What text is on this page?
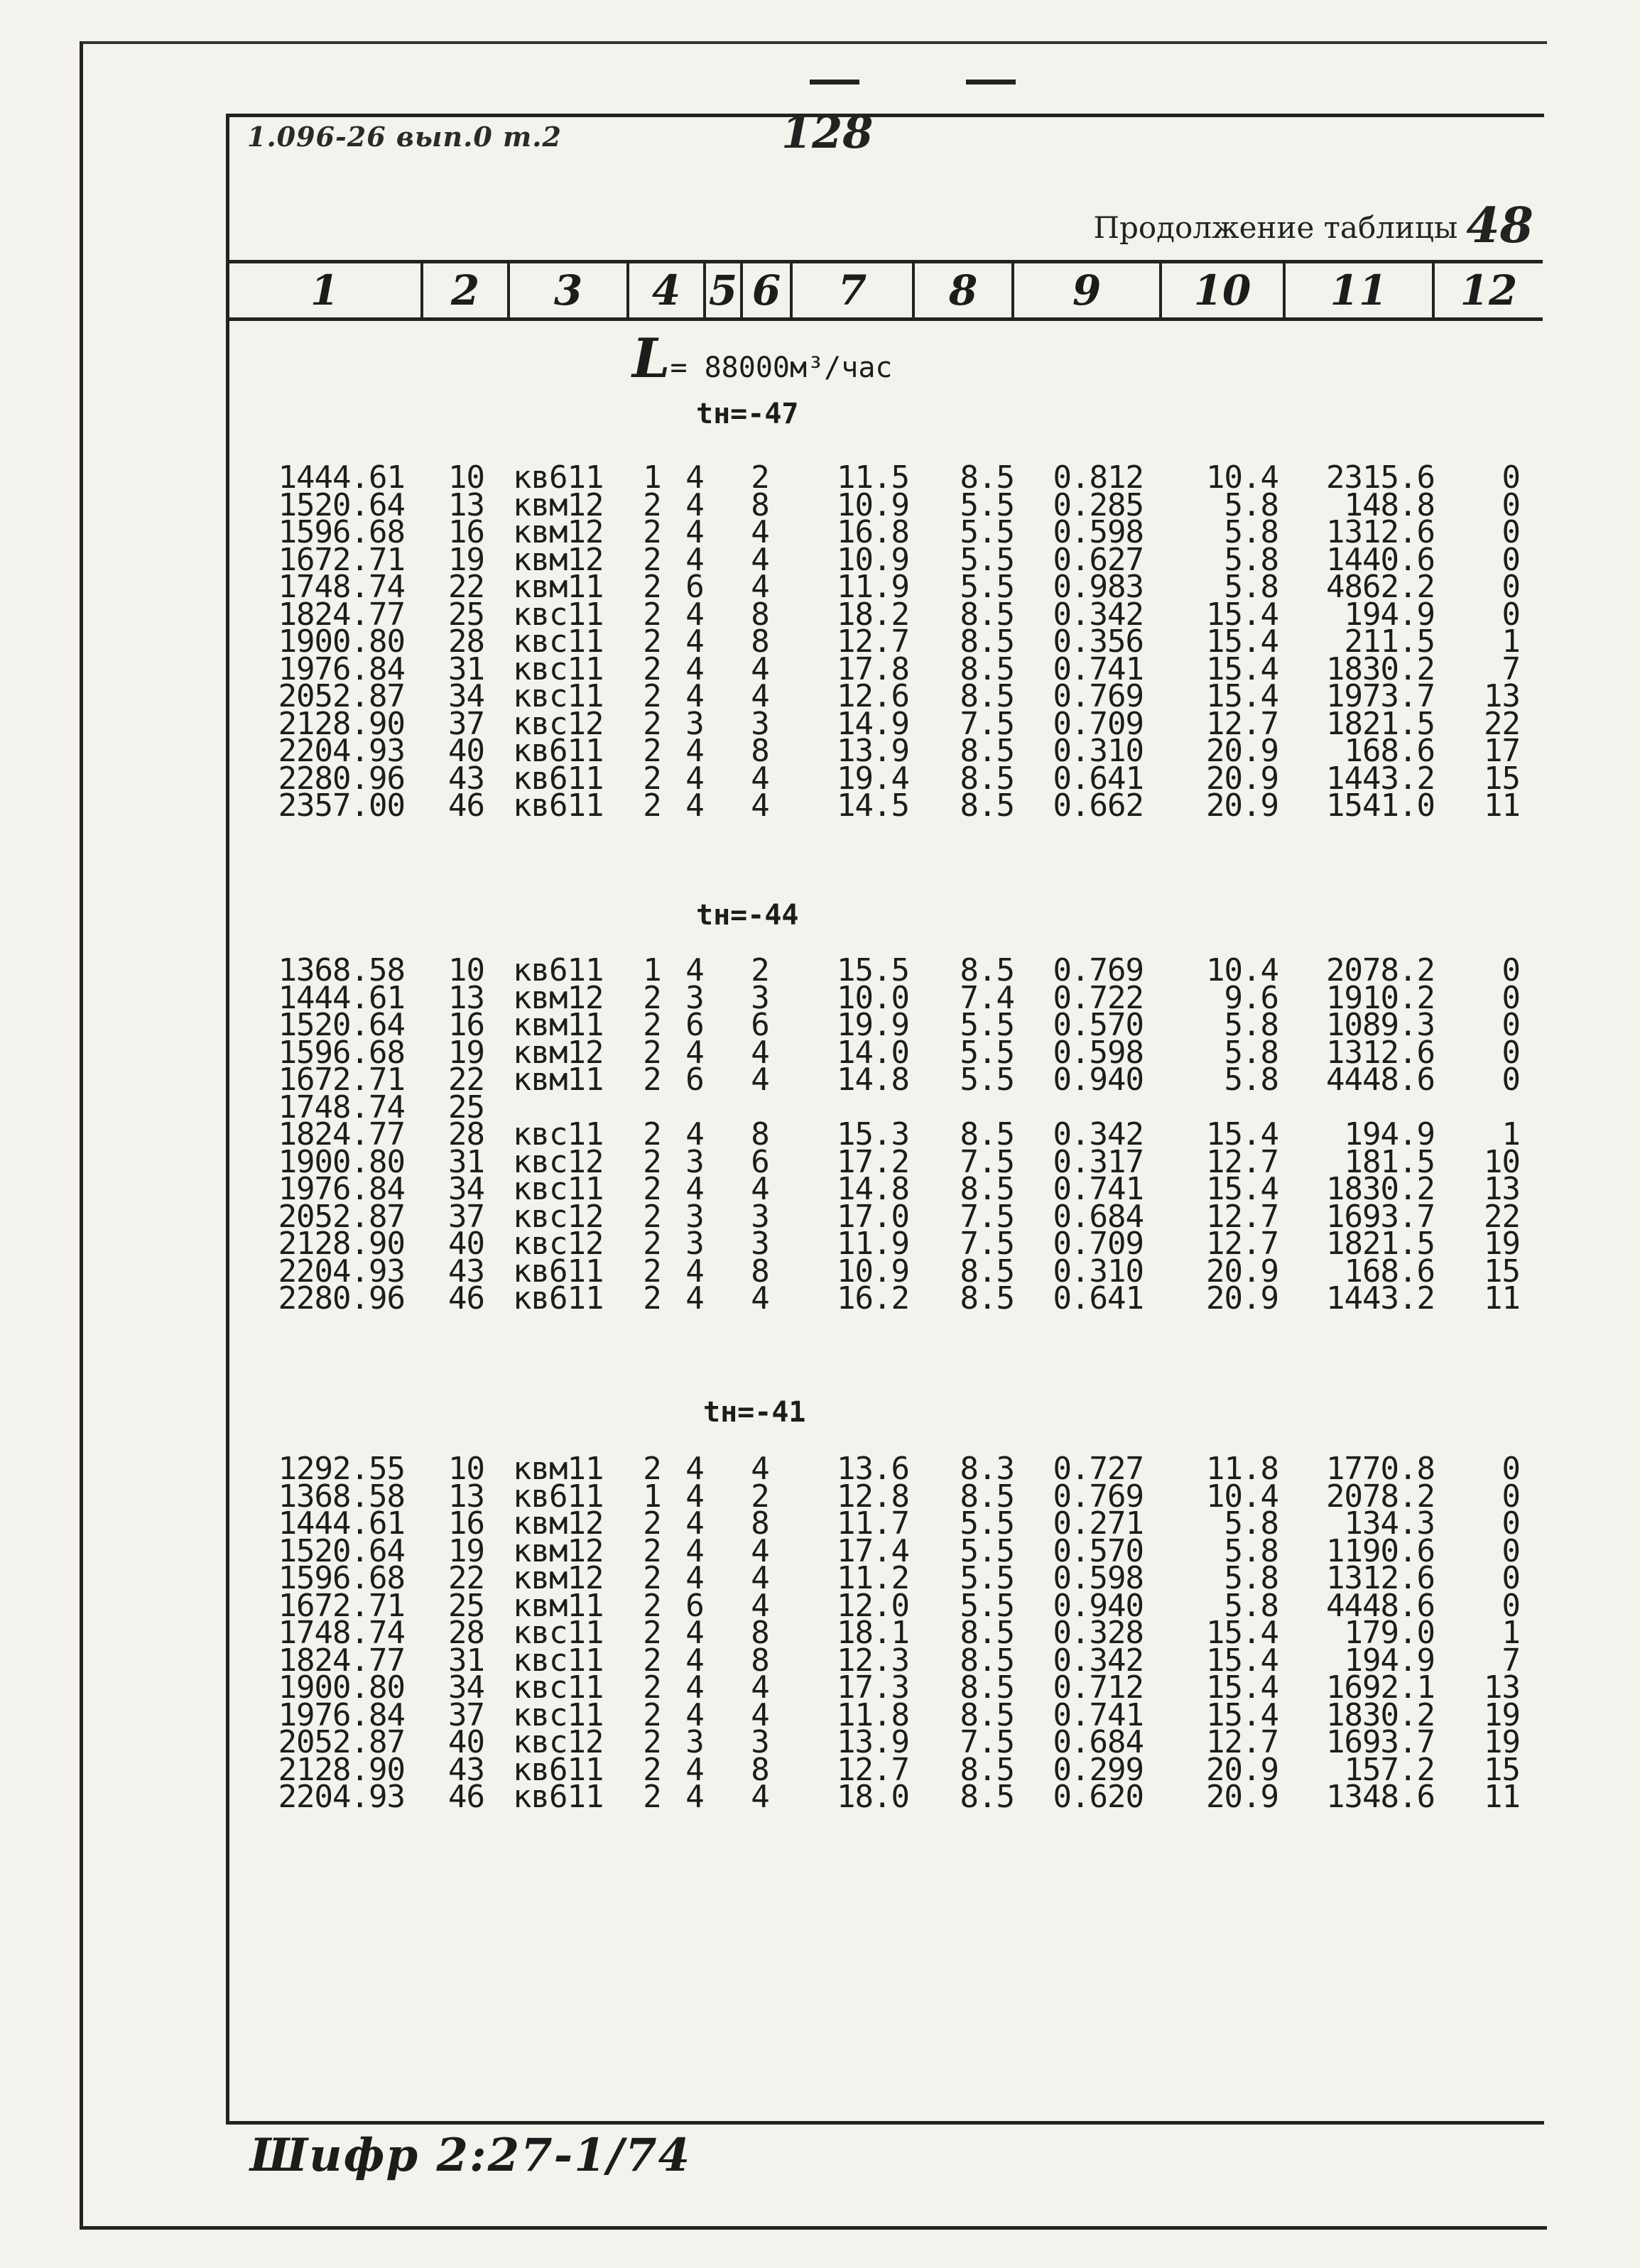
1.096-26 вып.0 т.2	128
Продолжение таблицы 48
1	2	3	4 5 6	7	8	9	10	11	12
L= 88000м³/час
tн=-47
1444.61	10 кв611	1 4 2	11.5	8.5	0.812	10.4	2315.6	0
1520.64	13 квм12	2 4 8	10.9	5.5	0.285	5.8	148.8	0
1596.68	16 квм12	2 4 4	16.8	5.5	0.598	5.8	1312.6	0
1672.71	19 квм12	2 4 4	10.9	5.5	0.627	5.8	1440.6	0
1748.74	22 квм11	2 6 4	11.9	5.5	0.983	5.8	4862.2	0
1824.77	25 квс11	2 4 8	18.2	8.5	0.342	15.4	194.9	0
1900.80	28 квс11	2 4 8	12.7	8.5	0.356	15.4	211.5	1
1976.84	31 квс11	2 4 4	17.8	8.5	0.741	15.4	1830.2	7
2052.87	34 квс11	2 4 4	12.6	8.5	0.769	15.4	1973.7 13
2128.90	37 квс12	2 3 3	14.9	7.5	0.709	12.7	1821.5 22
2204.93	40 кв611	2 4 8	13.9	8.5	0.310	20.9	168.6 17
2280.96	43 кв611	2 4 4	19.4	8.5	0.641	20.9	1443.2 15
2357.00	46 кв611	2 4 4	14.5	8.5	0.662	20.9	1541.0 11
tн=-44
1368.58	10 кв611	1 4 2	15.5	8.5	0.769	10.4	2078.2	0
1444.61	13 квм12	2 3 3	10.0	7.4	0.722	9.6	1910.2	0
1520.64	16 квм11	2 6 6	19.9	5.5	0.570	5.8	1089.3	0
1596.68	19 квм12	2 4 4	14.0	5.5	0.598	5.8	1312.6	0
1672.71	22 квм11	2 6 4	14.8	5.5	0.940	5.8	4448.6	0
1748.74	25
1824.77	28 квс11	2 4 8	15.3	8.5	0.342	15.4	194.9	1
1900.80	31 квс12	2 3 6	17.2	7.5	0.317	12.7	181.5 10
1976.84	34 квс11	2 4 4	14.8	8.5	0.741	15.4	1830.2 13
2052.87	37 квс12	2 3 3	17.0	7.5	0.684	12.7	1693.7 22
2128.90	40 квс12	2 3 3	11.9	7.5	0.709	12.7	1821.5 19
2204.93	43 кв611	2 4 8	10.9	8.5	0.310	20.9	168.6 15
2280.96	46 кв611	2 4 4	16.2	8.5	0.641	20.9	1443.2 11
tн=-41
1292.55	10 квм11	2 4 4	13.6	8.3	0.727	11.8	1770.8	0
1368.58	13 кв611	1 4 2	12.8	8.5	0.769	10.4	2078.2	0
1444.61	16 квм12	2 4 8	11.7	5.5	0.271	5.8	134.3	0
1520.64	19 квм12	2 4 4	17.4	5.5	0.570	5.8	1190.6	0
1596.68	22 квм12	2 4 4	11.2	5.5	0.598	5.8	1312.6	0
1672.71	25 квм11	2 6 4	12.0	5.5	0.940	5.8	4448.6	0
1748.74	28 квс11	2 4 8	18.1	8.5	0.328	15.4	179.0	1
1824.77	31 квс11	2 4 8	12.3	8.5	0.342	15.4	194.9	7
1900.80	34 квс11	2 4 4	17.3	8.5	0.712	15.4	1692.1 13
1976.84	37 квс11	2 4 4	11.8	8.5	0.741	15.4	1830.2 19
2052.87	40 квс12	2 3 3	13.9	7.5	0.684	12.7	1693.7 19
2128.90	43 кв611	2 4 8	12.7	8.5	0.299	20.9	157.2 15
2204.93	46 кв611	2 4 4	18.0	8.5	0.620	20.9	1348.6 11
Шифр 2:27-1/74
